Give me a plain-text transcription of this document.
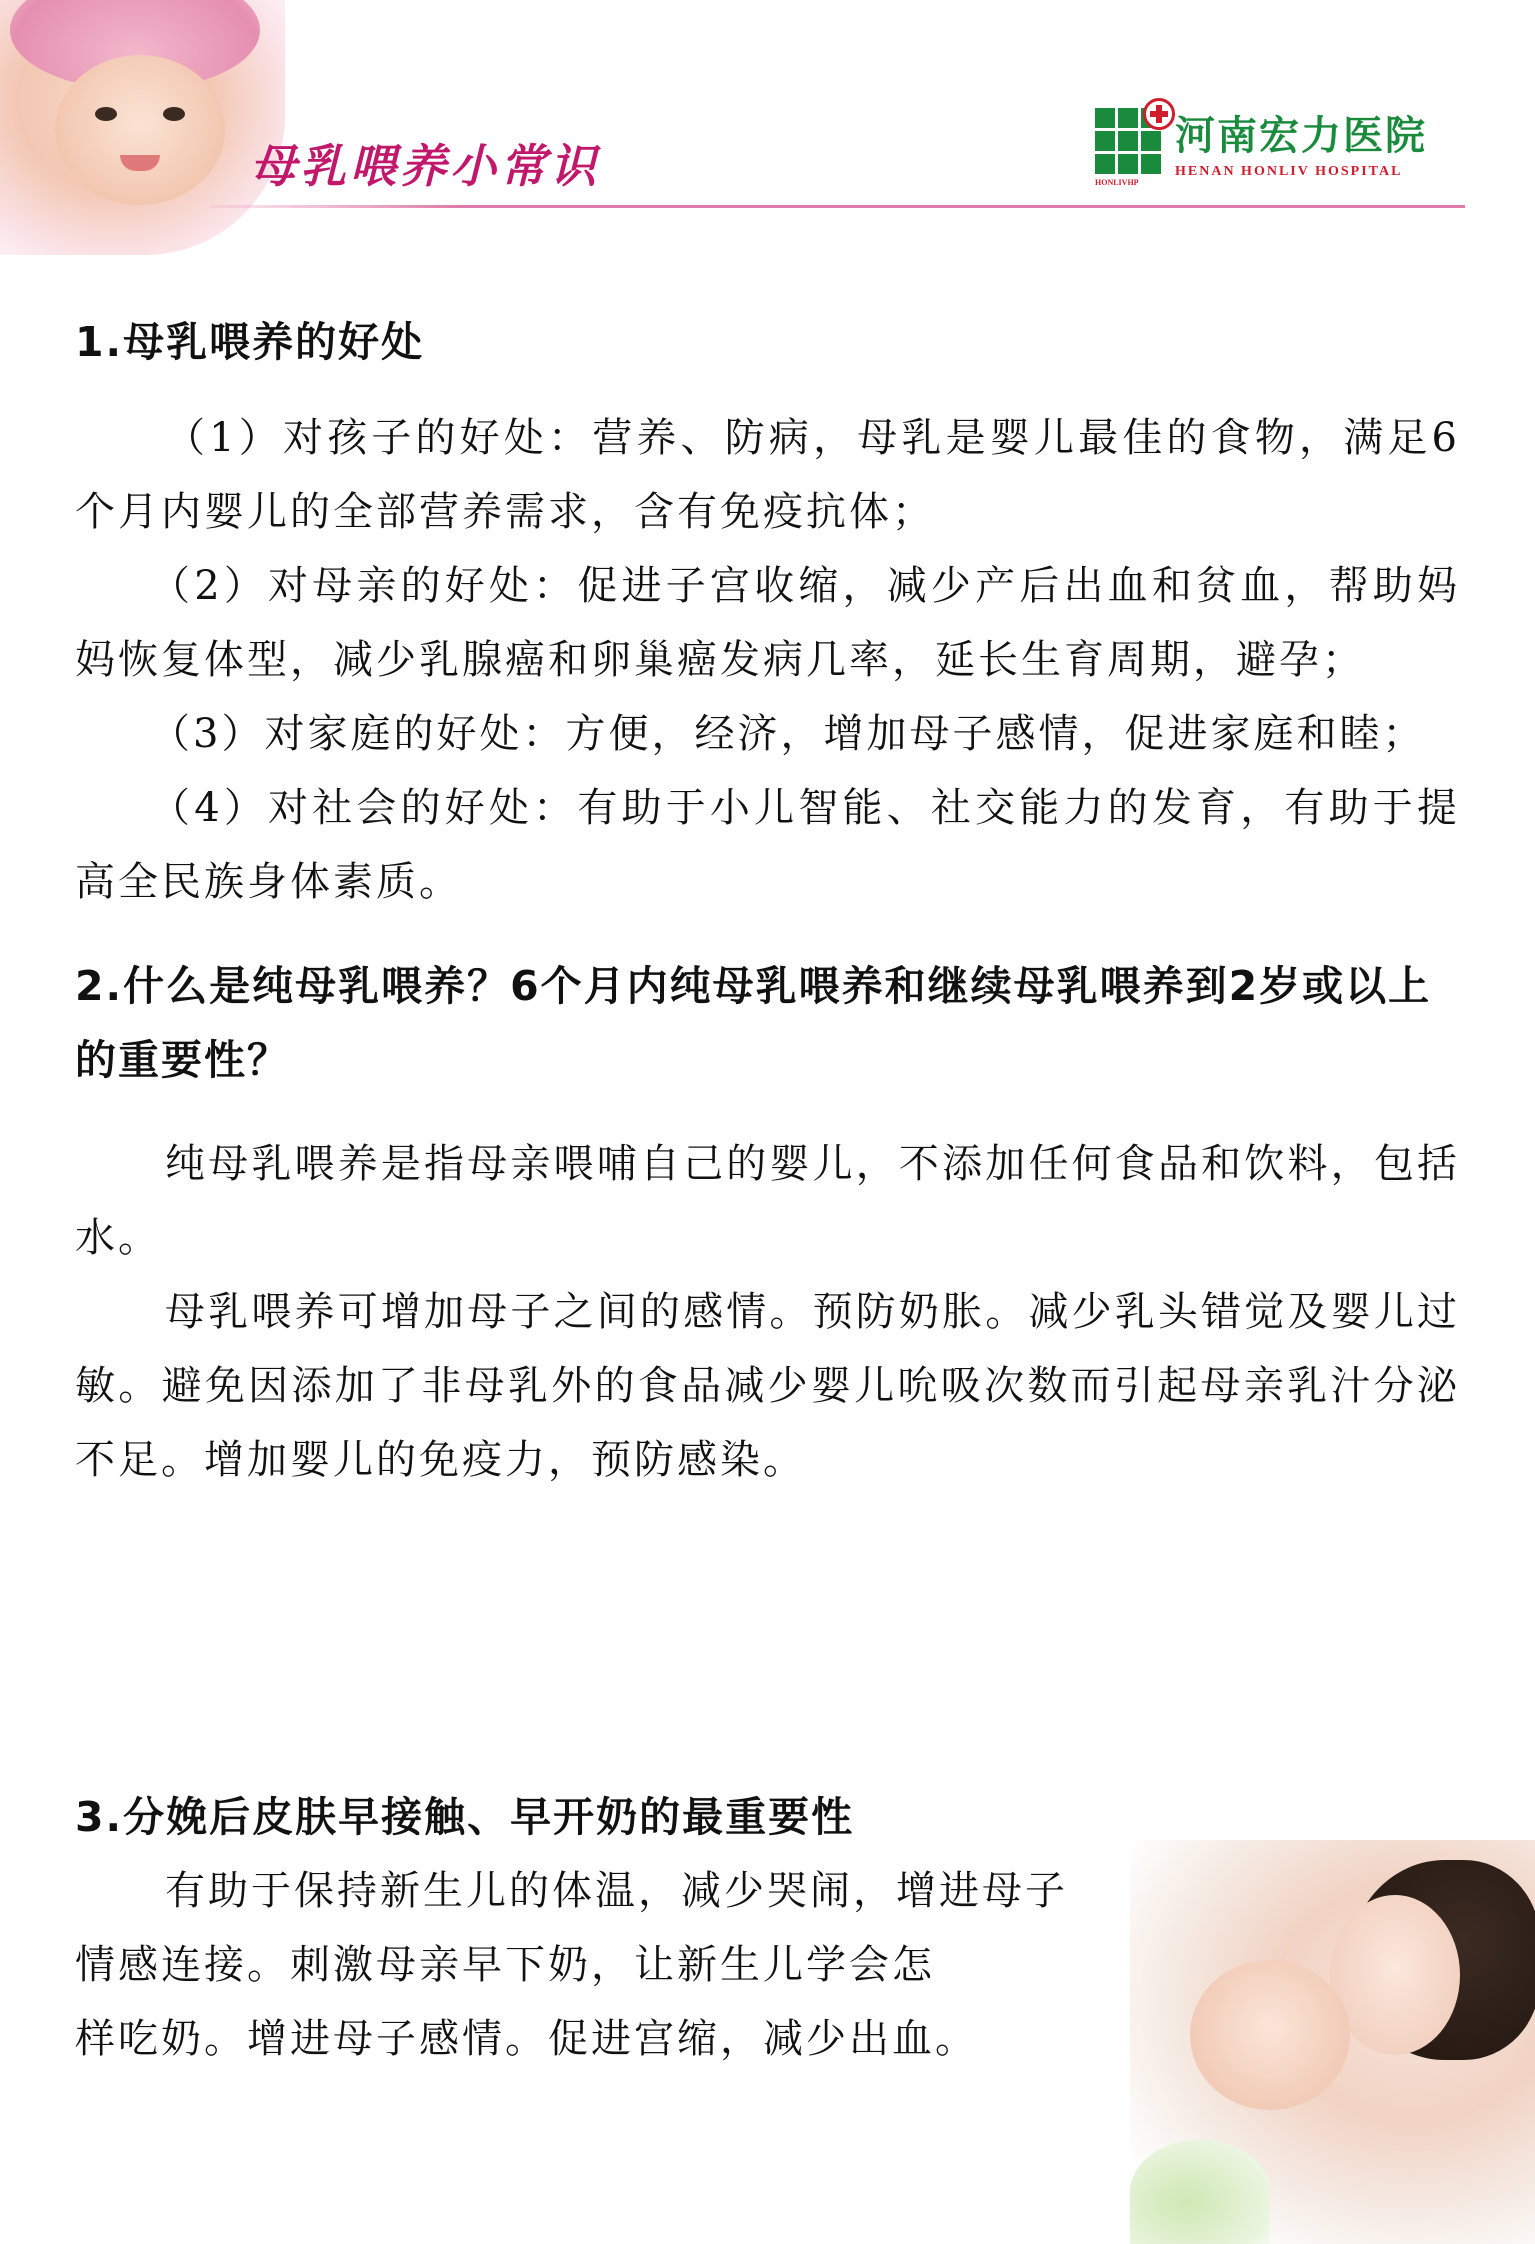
母乳喂养小常识
河南宏力医院
HENAN HONLIV HOSPITAL
HONLIVHP
1.母乳喂养的好处

（1）对孩子的好处：营养、防病，母乳是婴儿最佳的食物，满足6个月内婴儿的全部营养需求，含有免疫抗体；

（2）对母亲的好处：促进子宫收缩，减少产后出血和贫血，帮助妈妈恢复体型，减少乳腺癌和卵巢癌发病几率，延长生育周期，避孕；

（3）对家庭的好处：方便，经济，增加母子感情，促进家庭和睦；

（4）对社会的好处：有助于小儿智能、社交能力的发育，有助于提高全民族身体素质。

2.什么是纯母乳喂养？6个月内纯母乳喂养和继续母乳喂养到2岁或以上的重要性？

纯母乳喂养是指母亲喂哺自己的婴儿，不添加任何食品和饮料，包括水。

母乳喂养可增加母子之间的感情。预防奶胀。减少乳头错觉及婴儿过敏。避免因添加了非母乳外的食品减少婴儿吮吸次数而引起母亲乳汁分泌不足。增加婴儿的免疫力，预防感染。

3.分娩后皮肤早接触、早开奶的最重要性

有助于保持新生儿的体温，减少哭闹，增进母子

情感连接。刺激母亲早下奶，让新生儿学会怎

样吃奶。增进母子感情。促进宫缩，减少出血。
